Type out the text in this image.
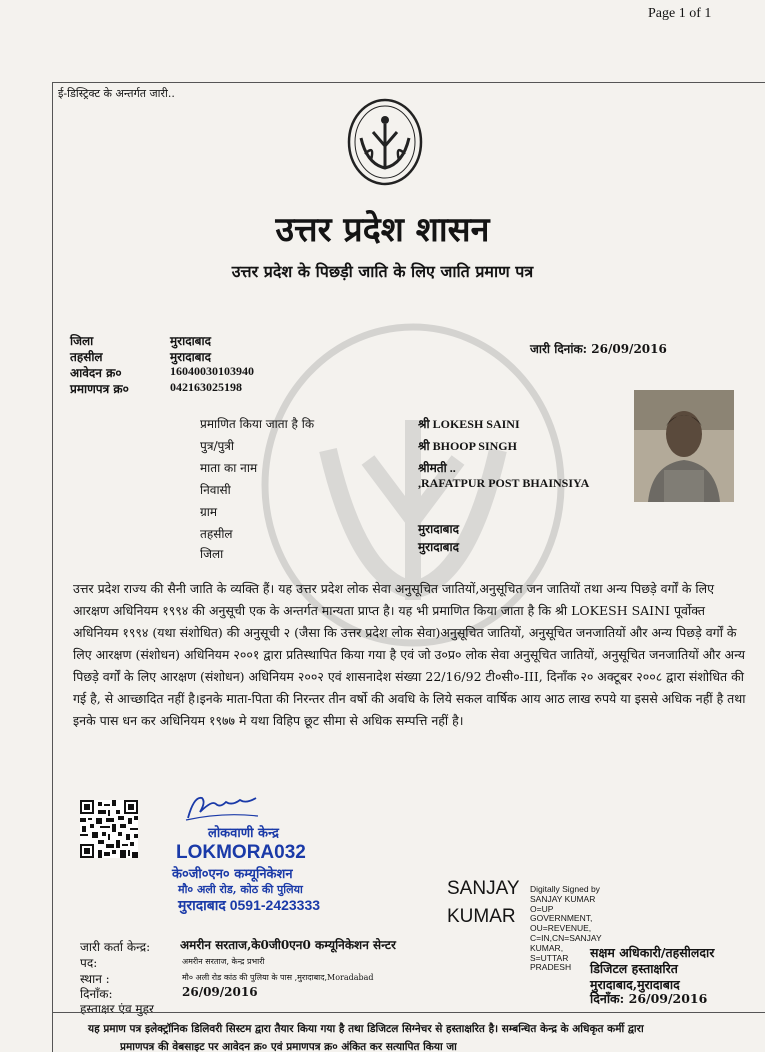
Page 1 of 1
ई-डिस्ट्रिक्ट के अन्तर्गत जारी..
उत्तर प्रदेश शासन
उत्तर प्रदेश के पिछड़ी जाति के लिए जाति प्रमाण पत्र
जिला	मुरादाबाद
तहसील	मुरादाबाद
आवेदन क्र०	16040030103940
प्रमाणपत्र क्र०	042163025198
जारी दिनांक: 26/09/2016
प्रमाणित किया जाता है कि	श्री LOKESH SAINI
पुत्र/पुत्री	श्री BHOOP SINGH
माता का नाम	श्रीमती ..
निवासी	,RAFATPUR POST BHAINSIYA
ग्राम
तहसील	मुरादाबाद
जिला	मुरादाबाद
उत्तर प्रदेश राज्य की सैनी जाति के व्यक्ति हैं। यह उत्तर प्रदेश लोक सेवा अनुसूचित जातियों,अनुसूचित जन जातियों तथा अन्य पिछड़े वर्गों के लिए आरक्षण अधिनियम १९९४ की अनुसूची एक के अन्तर्गत मान्यता प्राप्त है। यह भी प्रमाणित किया जाता है कि श्री LOKESH SAINI पूर्वोक्त अधिनियम १९९४ (यथा संशोधित) की अनुसूची २ (जैसा कि उत्तर प्रदेश लोक सेवा)अनुसूचित जातियों, अनुसूचित जनजातियों और अन्य पिछड़े वर्गों के लिए आरक्षण (संशोधन) अधिनियम २००१ द्वारा प्रतिस्थापित किया गया है एवं जो उ०प्र० लोक सेवा अनुसूचित जातियों, अनुसूचित जनजातियों और अन्य पिछड़े वर्गों के लिए आरक्षण (संशोधन) अधिनियम २००२ एवं शासनादेश संख्या 22/16/92 टी०सी०-III, दिनाँक २० अक्टूबर २००८ द्वारा संशोधित की गई है, से आच्छादित नहीं है।इनके माता-पिता की निरन्तर तीन वर्षो की अवधि के लिये सकल वार्षिक आय आठ लाख रुपये या इससे अधिक नहीं है तथा इनके पास धन कर अधिनियम १९७७ मे यथा विहिप छूट सीमा से अधिक सम्पत्ति नहीं है।
लोकवाणी केन्द्र
LOKMORA032
के०जी०एन० कम्यूनिकेशन
मौ० अली रोड, कोठ की पुलिया
मुरादाबाद 0591-2423333
SANJAY
KUMAR
Digitally Signed by
SANJAY KUMAR
O=UP
GOVERNMENT,
OU=REVENUE,
C=IN,CN=SANJAY
KUMAR,
S=UTTAR
PRADESH
जारी कर्ता केन्द्र: अमरीन सरताज,के0जी0एन0 कम्यूनिकेशन सेन्टर
पद:	अमरीन सरताज, केन्द्र प्रभारी
स्थान :	मौ० अली रोड कांठ की पुलिया के पास ,मुरादाबाद,Moradabad
दिनाँक:	26/09/2016
हस्ताक्षर एंव मुहर
सक्षम अधिकारी/तहसीलदार
डिजिटल हस्ताक्षरित
मुरादाबाद,मुरादाबाद
दिनाँक: 26/09/2016
यह प्रमाण पत्र इलेक्ट्रॉनिक डिलिवरी सिस्टम द्वारा तैयार किया गया है तथा डिजिटल सिग्नेचर से हस्ताक्षरित है। सम्बन्धित केन्द्र के अधिकृत कर्मी द्वारा
प्रमाणपत्र की वेबसाइट पर आवेदन क्र० एवं प्रमाणपत्र क्र० अंकित कर सत्यापित किया जा
